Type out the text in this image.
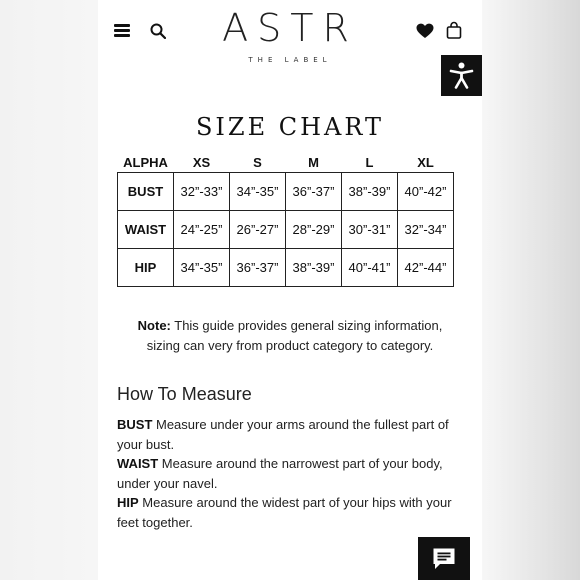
ASTR
THE LABEL
SIZE CHART
ALPHA	XS	S	M	L	XL
BUST	32”-33”	34”-35”	36”-37”	38”-39”	40”-42”
WAIST	24”-25”	26”-27”	28”-29”	30”-31”	32”-34”
HIP	34”-35”	36”-37”	38”-39”	40”-41”	42”-44”
Note: This guide provides general sizing information,
sizing can very from product category to category.
How To Measure
BUST Measure under your arms around the fullest part of your bust.
WAIST Measure around the narrowest part of your body, under your navel.
HIP Measure around the widest part of your hips with your feet together.
